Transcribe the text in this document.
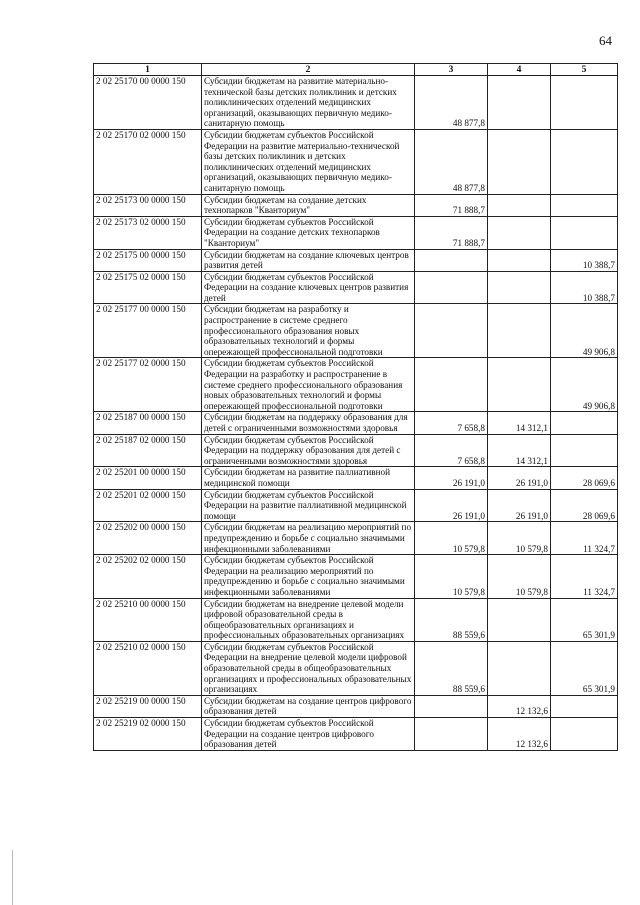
64
1	2	3	4	5
2 02 25170 00 0000 150	Субсидии бюджетам на развитие материально-технической базы детских поликлиник и детских поликлинических отделений медицинских организаций, оказывающих первичную медико-санитарную помощь	48 877,8		
2 02 25170 02 0000 150	Субсидии бюджетам субъектов Российской Федерации на развитие материально-технической базы детских поликлиник и детских поликлинических отделений медицинских организаций, оказывающих первичную медико-санитарную помощь	48 877,8		
2 02 25173 00 0000 150	Субсидии бюджетам на создание детских технопарков "Кванториум"	71 888,7		
2 02 25173 02 0000 150	Субсидии бюджетам субъектов Российской Федерации на создание детских технопарков "Кванториум"	71 888,7		
2 02 25175 00 0000 150	Субсидии бюджетам на создание ключевых центров развития детей			10 388,7
2 02 25175 02 0000 150	Субсидии бюджетам субъектов Российской Федерации на создание ключевых центров развития детей			10 388,7
2 02 25177 00 0000 150	Субсидии бюджетам на разработку и распространение в системе среднего профессионального образования новых образовательных технологий и формы опережающей профессиональной подготовки			49 906,8
2 02 25177 02 0000 150	Субсидии бюджетам субъектов Российской Федерации на разработку и распространение в системе среднего профессионального образования новых образовательных технологий и формы опережающей профессиональной подготовки			49 906,8
2 02 25187 00 0000 150	Субсидии бюджетам на поддержку образования для детей с ограниченными возможностями здоровья	7 658,8	14 312,1	
2 02 25187 02 0000 150	Субсидии бюджетам субъектов Российской Федерации на поддержку образования для детей с ограниченными возможностями здоровья	7 658,8	14 312,1	
2 02 25201 00 0000 150	Субсидии бюджетам на развитие паллиативной медицинской помощи	26 191,0	26 191,0	28 069,6
2 02 25201 02 0000 150	Субсидии бюджетам субъектов Российской Федерации на развитие паллиативной медицинской помощи	26 191,0	26 191,0	28 069,6
2 02 25202 00 0000 150	Субсидии бюджетам на реализацию мероприятий по предупреждению и борьбе с социально значимыми инфекционными заболеваниями	10 579,8	10 579,8	11 324,7
2 02 25202 02 0000 150	Субсидии бюджетам субъектов Российской Федерации на реализацию мероприятий по предупреждению и борьбе с социально значимыми инфекционными заболеваниями	10 579,8	10 579,8	11 324,7
2 02 25210 00 0000 150	Субсидии бюджетам на внедрение целевой модели цифровой образовательной среды в общеобразовательных организациях и профессиональных образовательных организациях	88 559,6		65 301,9
2 02 25210 02 0000 150	Субсидии бюджетам субъектов Российской Федерации на внедрение целевой модели цифровой образовательной среды в общеобразовательных организациях и профессиональных образовательных организациях	88 559,6		65 301,9
2 02 25219 00 0000 150	Субсидии бюджетам на создание центров цифрового образования детей		12 132,6	
2 02 25219 02 0000 150	Субсидии бюджетам субъектов Российской Федерации на создание центров цифрового образования детей		12 132,6	
